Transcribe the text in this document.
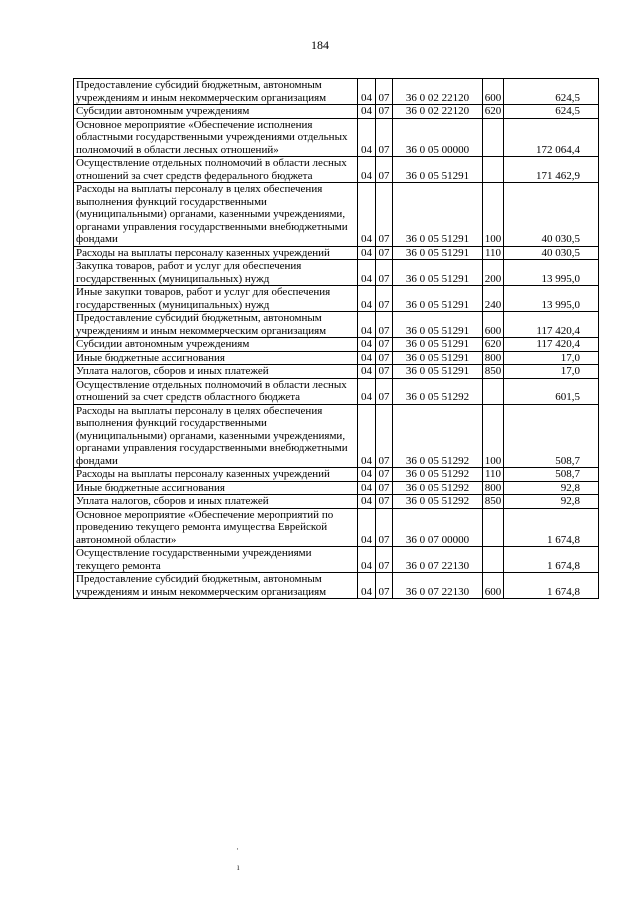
184
Предоставление субсидий бюджетным, автономным учреждениям и иным некоммерческим организациям	04	07	36 0 02 22120	600	624,5
Субсидии автономным учреждениям	04	07	36 0 02 22120	620	624,5
Основное мероприятие «Обеспечение исполнения областными государственными учреждениями отдельных полномочий в области лесных отношений»	04	07	36 0 05 00000		172 064,4
Осуществление отдельных полномочий в области лесных отношений за счет средств федерального бюджета	04	07	36 0 05 51291		171 462,9
Расходы на выплаты персоналу в целях обеспечения выполнения функций государственными (муниципальными) органами, казенными учреждениями, органами управления государственными внебюджетными фондами	04	07	36 0 05 51291	100	40 030,5
Расходы на выплаты персоналу казенных учреждений	04	07	36 0 05 51291	110	40 030,5
Закупка товаров, работ и услуг для обеспечения государственных (муниципальных) нужд	04	07	36 0 05 51291	200	13 995,0
Иные закупки товаров, работ и услуг для обеспечения государственных (муниципальных) нужд	04	07	36 0 05 51291	240	13 995,0
Предоставление субсидий бюджетным, автономным учреждениям и иным некоммерческим организациям	04	07	36 0 05 51291	600	117 420,4
Субсидии автономным учреждениям	04	07	36 0 05 51291	620	117 420,4
Иные бюджетные ассигнования	04	07	36 0 05 51291	800	17,0
Уплата налогов, сборов и иных платежей	04	07	36 0 05 51291	850	17,0
Осуществление отдельных полномочий в области лесных отношений за счет средств областного бюджета	04	07	36 0 05 51292		601,5
Расходы на выплаты персоналу в целях обеспечения выполнения функций государственными (муниципальными) органами, казенными учреждениями, органами управления государственными внебюджетными фондами	04	07	36 0 05 51292	100	508,7
Расходы на выплаты персоналу казенных учреждений	04	07	36 0 05 51292	110	508,7
Иные бюджетные ассигнования	04	07	36 0 05 51292	800	92,8
Уплата налогов, сборов и иных платежей	04	07	36 0 05 51292	850	92,8
Основное мероприятие «Обеспечение мероприятий по проведению текущего ремонта имущества Еврейской автономной области»	04	07	36 0 07 00000		1 674,8
Осуществление государственными учреждениями текущего ремонта	04	07	36 0 07 22130		1 674,8
Предоставление субсидий бюджетным, автономным учреждениям и иным некоммерческим организациям	04	07	36 0 07 22130	600	1 674,8
·
ı
